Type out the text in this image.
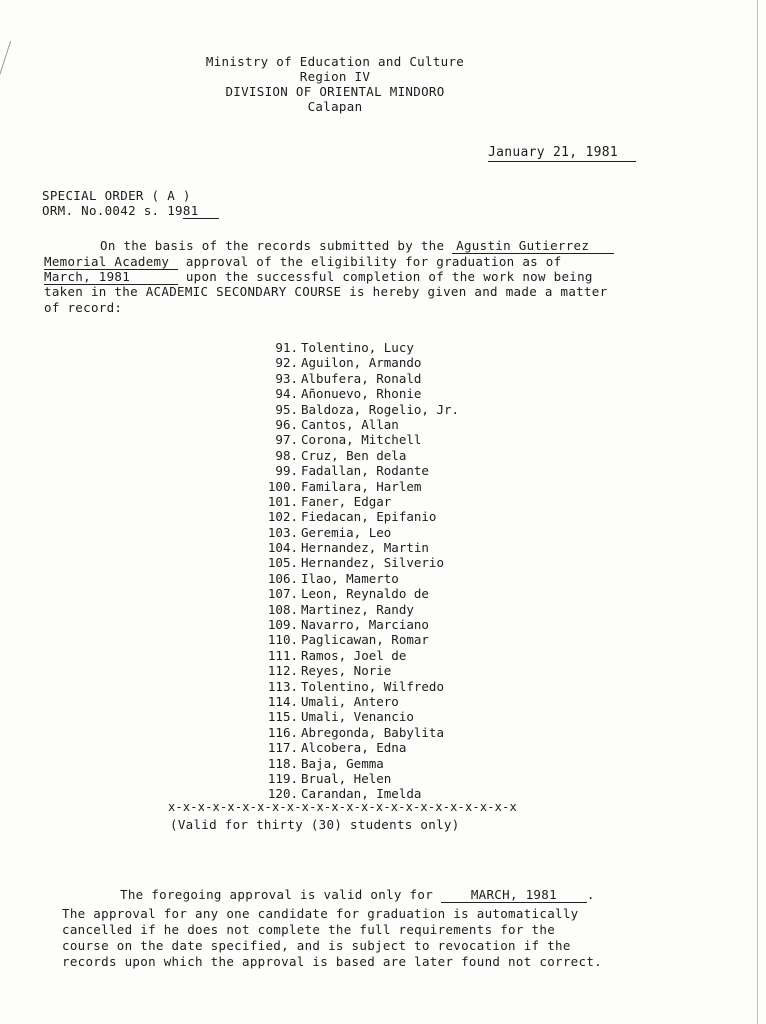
Ministry of Education and Culture
Region IV
DIVISION OF ORIENTAL MINDORO
Calapan
January 21, 1981
SPECIAL ORDER ( A )
ORM. No.0042 s. 1981
On the basis of the records submitted by the Agustin Gutierrez
Memorial Academy approval of the eligibility for graduation as of
March, 1981	upon the successful completion of the work now being
taken in the ACADEMIC SECONDARY COURSE is hereby given and made a matter
of record:
91. Tolentino, Lucy
92. Aguilon, Armando
93. Albufera, Ronald
94. Añonuevo, Rhonie
95. Baldoza, Rogelio, Jr.
96. Cantos, Allan
97. Corona, Mitchell
98. Cruz, Ben dela
99. Fadallan, Rodante
100. Familara, Harlem
101. Faner, Edgar
102. Fiedacan, Epifanio
103. Geremia, Leo
104. Hernandez, Martin
105. Hernandez, Silverio
106. Ilao, Mamerto
107. Leon, Reynaldo de
108. Martinez, Randy
109. Navarro, Marciano
110. Paglicawan, Romar
111. Ramos, Joel de
112. Reyes, Norie
113. Tolentino, Wilfredo
114. Umali, Antero
115. Umali, Venancio
116. Abregonda, Babylita
117. Alcobera, Edna
118. Baja, Gemma
119. Brual, Helen
120. Carandan, Imelda
x-x-x-x-x-x-x-x-x-x-x-x-x-x-x-x-x-x-x-x-x-x-x-x
(Valid for thirty (30) students only)
The foregoing approval is valid only for	MARCH, 1981 .
The approval for any one candidate for graduation is automatically
cancelled if he does not complete the full requirements for the
course on the date specified, and is subject to revocation if the
records upon which the approval is based are later found not correct.
